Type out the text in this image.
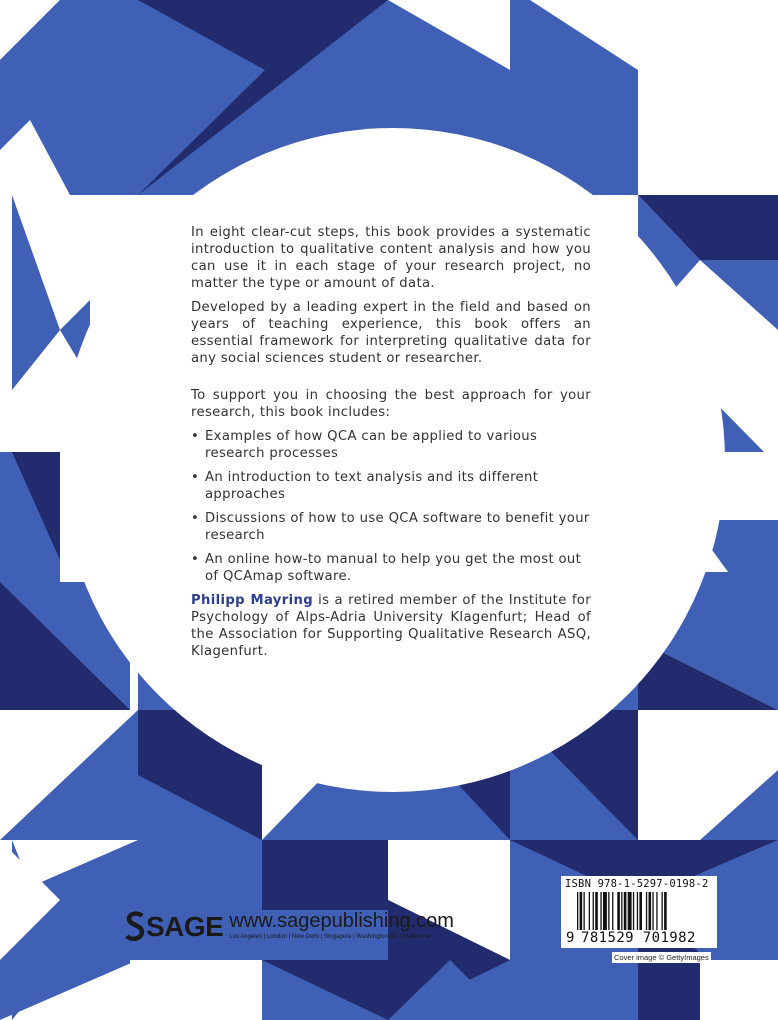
In eight clear-cut steps, this book provides a systematic introduction to qualitative content analysis and how you can use it in each stage of your research project, no matter the type or amount of data.

Developed by a leading expert in the field and based on years of teaching experience, this book offers an essential framework for interpreting qualitative data for any social sciences student or researcher.

To support you in choosing the best approach for your research, this book includes:

• Examples of how QCA can be applied to various research processes
• An introduction to text analysis and its different approaches
• Discussions of how to use QCA software to benefit your research
• An online how-to manual to help you get the most out of QCAmap software.

Philipp Mayring is a retired member of the Institute for Psychology of Alps-Adria University Klagenfurt; Head of the Association for Supporting Qualitative Research ASQ, Klagenfurt.

SAGE www.sagepublishing.com
Los Angeles | London | New Delhi | Singapore | Washington DC | Melbourne
ISBN 978-1-5297-0198-2
9 781529 701982
Cover image © GettyImages
